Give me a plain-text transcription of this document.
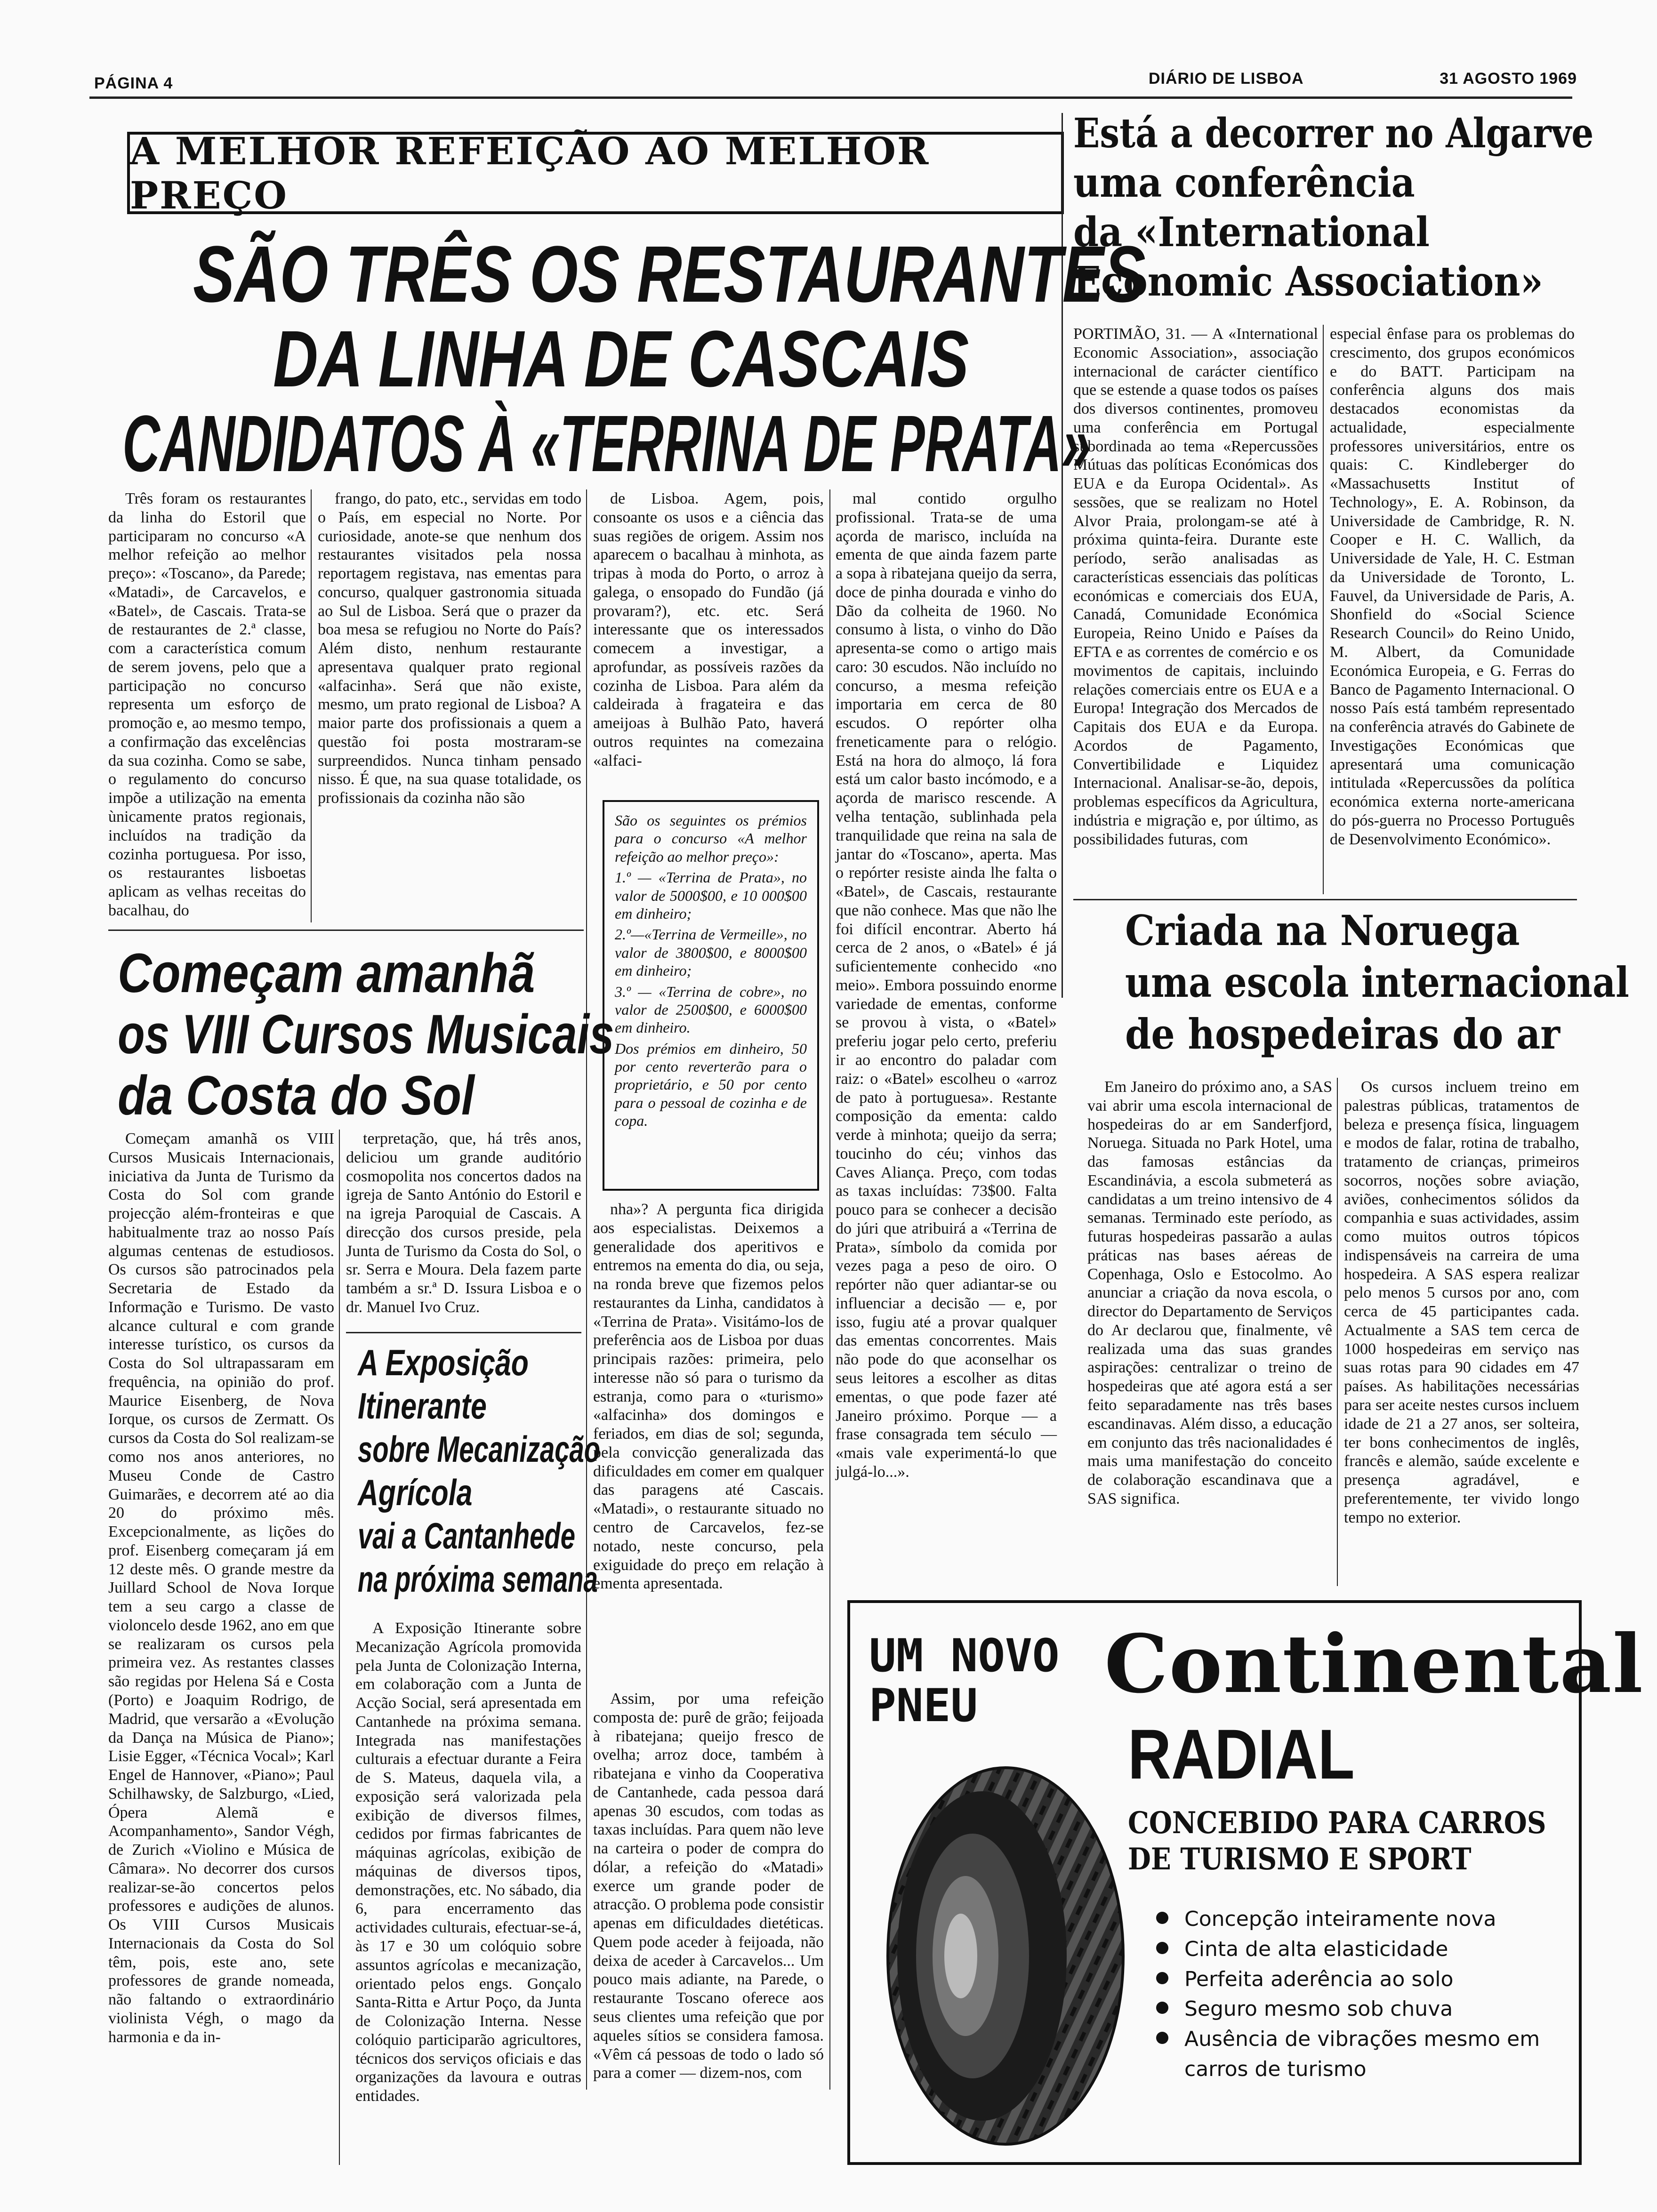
PÁGINA 4	DIÁRIO DE LISBOA	31 AGOSTO 1969
A MELHOR REFEIÇÃO AO MELHOR PREÇO
SÃO TRÊS OS RESTAURANTES
DA LINHA DE CASCAIS
CANDIDATOS À «TERRINA DE PRATA»

Três foram os restaurantes da linha do Estoril que participaram no concurso «A melhor refeição ao melhor preço»: «Toscano», da Parede; «Matadi», de Carcavelos, e «Batel», de Cascais. Trata-se de restaurantes de 2.ª classe, com a característica comum de serem jovens, pelo que a participação no concurso representa um esforço de promoção e, ao mesmo tempo, a confirmação das excelências da sua cozinha. Como se sabe, o regulamento do concurso impõe a utilização na ementa ùnicamente pratos regionais, incluídos na tradição da cozinha portuguesa. Por isso, os restaurantes lisboetas aplicam as velhas receitas do bacalhau, do

frango, do pato, etc., servidas em todo o País, em especial no Norte. Por curiosidade, anote-se que nenhum dos restaurantes visitados pela nossa reportagem registava, nas ementas para concurso, qualquer gastronomia situada ao Sul de Lisboa. Será que o prazer da boa mesa se refugiou no Norte do País? Além disto, nenhum restaurante apresentava qualquer prato regional «alfacinha». Será que não existe, mesmo, um prato regional de Lisboa? A maior parte dos profissionais a quem a questão foi posta mostraram-se surpreendidos. Nunca tinham pensado nisso. É que, na sua quase totalidade, os profissionais da cozinha não são

de Lisboa. Agem, pois, consoante os usos e a ciência das suas regiões de origem. Assim nos aparecem o bacalhau à minhota, as tripas à moda do Porto, o arroz à galega, o ensopado do Fundão (já provaram?), etc. etc. Será interessante que os interessados comecem a investigar, a aprofundar, as possíveis razões da cozinha de Lisboa. Para além da caldeirada à fragateira e das ameijoas à Bulhão Pato, haverá outros requintes na comezaina «alfaci-

mal contido orgulho profissional. Trata-se de uma açorda de marisco, incluída na ementa de que ainda fazem parte a sopa à ribatejana queijo da serra, doce de pinha dourada e vinho do Dão da colheita de 1960. No consumo à lista, o vinho do Dão apresenta-se como o artigo mais caro: 30 escudos. Não incluído no concurso, a mesma refeição importaria em cerca de 80 escudos. O repórter olha freneticamente para o relógio. Está na hora do almoço, lá fora está um calor basto incómodo, e a açorda de marisco rescende. A velha tentação, sublinhada pela tranquilidade que reina na sala de jantar do «Toscano», aperta. Mas o repórter resiste ainda lhe falta o «Batel», de Cascais, restaurante que não conhece. Mas que não lhe foi difícil encontrar. Aberto há cerca de 2 anos, o «Batel» é já suficientemente conhecido «no meio». Embora possuindo enorme variedade de ementas, conforme se provou à vista, o «Batel» preferiu jogar pelo certo, preferiu ir ao encontro do paladar com raiz: o «Batel» escolheu o «arroz de pato à portuguesa». Restante composição da ementa: caldo verde à minhota; queijo da serra; toucinho do céu; vinhos das Caves Aliança. Preço, com todas as taxas incluídas: 73$00. Falta pouco para se conhecer a decisão do júri que atribuirá a «Terrina de Prata», símbolo da comida por vezes paga a peso de oiro. O repórter não quer adiantar-se ou influenciar a decisão — e, por isso, fugiu até a provar qualquer das ementas concorrentes. Mais não pode do que aconselhar os seus leitores a escolher as ditas ementas, o que pode fazer até Janeiro próximo. Porque — a frase consagrada tem século — «mais vale experimentá-lo que julgá-lo...».

São os seguintes os prémios para o concurso «A melhor refeição ao melhor preço»:

1.º — «Terrina de Prata», no valor de 5000$00, e 10 000$00 em dinheiro;

2.º—«Terrina de Vermeille», no valor de 3800$00, e 8000$00 em dinheiro;

3.º — «Terrina de cobre», no valor de 2500$00, e 6000$00 em dinheiro.

Dos prémios em dinheiro, 50 por cento reverterão para o proprietário, e 50 por cento para o pessoal de cozinha e de copa.

nha»? A pergunta fica dirigida aos especialistas. Deixemos a generalidade dos aperitivos e entremos na ementa do dia, ou seja, na ronda breve que fizemos pelos restaurantes da Linha, candidatos à «Terrina de Prata». Visitámo-los de preferência aos de Lisboa por duas principais razões: primeira, pelo interesse não só para o turismo da estranja, como para o «turismo» «alfacinha» dos domingos e feriados, em dias de sol; segunda, pela convicção generalizada das dificuldades em comer em qualquer das paragens até Cascais. «Matadi», o restaurante situado no centro de Carcavelos, fez-se notado, neste concurso, pela exiguidade do preço em relação à ementa apresentada.

Assim, por uma refeição composta de: purê de grão; feijoada à ribatejana; queijo fresco de ovelha; arroz doce, também à ribatejana e vinho da Cooperativa de Cantanhede, cada pessoa dará apenas 30 escudos, com todas as taxas incluídas. Para quem não leve na carteira o poder de compra do dólar, a refeição do «Matadi» exerce um grande poder de atracção. O problema pode consistir apenas em dificuldades dietéticas. Quem pode aceder à feijoada, não deixa de aceder à Carcavelos... Um pouco mais adiante, na Parede, o restaurante Toscano oferece aos seus clientes uma refeição que por aqueles sítios se considera famosa. «Vêm cá pessoas de todo o lado só para a comer — dizem-nos, com

Começam amanhã
os VIII Cursos Musicais
da Costa do Sol

Começam amanhã os VIII Cursos Musicais Internacionais, iniciativa da Junta de Turismo da Costa do Sol com grande projecção além-fronteiras e que habitualmente traz ao nosso País algumas centenas de estudiosos. Os cursos são patrocinados pela Secretaria de Estado da Informação e Turismo. De vasto alcance cultural e com grande interesse turístico, os cursos da Costa do Sol ultrapassaram em frequência, na opinião do prof. Maurice Eisenberg, de Nova Iorque, os cursos de Zermatt. Os cursos da Costa do Sol realizam-se como nos anos anteriores, no Museu Conde de Castro Guimarães, e decorrem até ao dia 20 do próximo mês. Excepcionalmente, as lições do prof. Eisenberg começaram já em 12 deste mês. O grande mestre da Juillard School de Nova Iorque tem a seu cargo a classe de violoncelo desde 1962, ano em que se realizaram os cursos pela primeira vez. As restantes classes são regidas por Helena Sá e Costa (Porto) e Joaquim Rodrigo, de Madrid, que versarão a «Evolução da Dança na Música de Piano»; Lisie Egger, «Técnica Vocal»; Karl Engel de Hannover, «Piano»; Paul Schilhawsky, de Salzburgo, «Lied, Ópera Alemã e Acompanhamento», Sandor Végh, de Zurich «Violino e Música de Câmara». No decorrer dos cursos realizar-se-ão concertos pelos professores e audições de alunos. Os VIII Cursos Musicais Internacionais da Costa do Sol têm, pois, este ano, sete professores de grande nomeada, não faltando o extraordinário violinista Végh, o mago da harmonia e da in-

terpretação, que, há três anos, deliciou um grande auditório cosmopolita nos concertos dados na igreja de Santo António do Estoril e na igreja Paroquial de Cascais. A direcção dos cursos preside, pela Junta de Turismo da Costa do Sol, o sr. Serra e Moura. Dela fazem parte também a sr.ª D. Issura Lisboa e o dr. Manuel Ivo Cruz.

A Exposição
Itinerante
sobre Mecanização
Agrícola
vai a Cantanhede
na próxima semana

A Exposição Itinerante sobre Mecanização Agrícola promovida pela Junta de Colonização Interna, em colaboração com a Junta de Acção Social, será apresentada em Cantanhede na próxima semana. Integrada nas manifestações culturais a efectuar durante a Feira de S. Mateus, daquela vila, a exposição será valorizada pela exibição de diversos filmes, cedidos por firmas fabricantes de máquinas agrícolas, exibição de máquinas de diversos tipos, demonstrações, etc. No sábado, dia 6, para encerramento das actividades culturais, efectuar-se-á, às 17 e 30 um colóquio sobre assuntos agrícolas e mecanização, orientado pelos engs. Gonçalo Santa-Ritta e Artur Poço, da Junta de Colonização Interna. Nesse colóquio participarão agricultores, técnicos dos serviços oficiais e das organizações da lavoura e outras entidades.

Está a decorrer no Algarve
uma conferência
da «International
Economic Association»

PORTIMÃO, 31. — A «International Economic Association», associação internacional de carácter científico que se estende a quase todos os países dos diversos continentes, promoveu uma conferência em Portugal subordinada ao tema «Repercussões Mútuas das políticas Económicas dos EUA e da Europa Ocidental». As sessões, que se realizam no Hotel Alvor Praia, prolongam-se até à próxima quinta-feira. Durante este período, serão analisadas as características essenciais das políticas económicas e comerciais dos EUA, Canadá, Comunidade Económica Europeia, Reino Unido e Países da EFTA e as correntes de comércio e os movimentos de capitais, incluindo relações comerciais entre os EUA e a Europa! Integração dos Mercados de Capitais dos EUA e da Europa. Acordos de Pagamento, Convertibilidade e Liquidez Internacional. Analisar-se-ão, depois, problemas específicos da Agricultura, indústria e migração e, por último, as possibilidades futuras, com

especial ênfase para os problemas do crescimento, dos grupos económicos e do BATT. Participam na conferência alguns dos mais destacados economistas da actualidade, especialmente professores universitários, entre os quais: C. Kindleberger do «Massachusetts Institut of Technology», E. A. Robinson, da Universidade de Cambridge, R. N. Cooper e H. C. Wallich, da Universidade de Yale, H. C. Estman da Universidade de Toronto, L. Fauvel, da Universidade de Paris, A. Shonfield do «Social Science Research Council» do Reino Unido, M. Albert, da Comunidade Económica Europeia, e G. Ferras do Banco de Pagamento Internacional. O nosso País está também representado na conferência através do Gabinete de Investigações Económicas que apresentará uma comunicação intitulada «Repercussões da política económica externa norte-americana do pós-guerra no Processo Português de Desenvolvimento Económico».

Criada na Noruega
uma escola internacional
de hospedeiras do ar

Em Janeiro do próximo ano, a SAS vai abrir uma escola internacional de hospedeiras do ar em Sanderfjord, Noruega. Situada no Park Hotel, uma das famosas estâncias da Escandinávia, a escola submeterá as candidatas a um treino intensivo de 4 semanas. Terminado este período, as futuras hospedeiras passarão a aulas práticas nas bases aéreas de Copenhaga, Oslo e Estocolmo. Ao anunciar a criação da nova escola, o director do Departamento de Serviços do Ar declarou que, finalmente, vê realizada uma das suas grandes aspirações: centralizar o treino de hospedeiras que até agora está a ser feito separadamente nas três bases escandinavas. Além disso, a educação em conjunto das três nacionalidades é mais uma manifestação do conceito de colaboração escandinava que a SAS significa.

Os cursos incluem treino em palestras públicas, tratamentos de beleza e presença física, linguagem e modos de falar, rotina de trabalho, tratamento de crianças, primeiros socorros, noções sobre aviação, aviões, conhecimentos sólidos da companhia e suas actividades, assim como muitos outros tópicos indispensáveis na carreira de uma hospedeira. A SAS espera realizar pelo menos 5 cursos por ano, com cerca de 45 participantes cada. Actualmente a SAS tem cerca de 1000 hospedeiras em serviço nas suas rotas para 90 cidades em 47 países. As habilitações necessárias para ser aceite nestes cursos incluem idade de 21 a 27 anos, ser solteira, ter bons conhecimentos de inglês, francês e alemão, saúde excelente e presença agradável, e preferentemente, ter vivido longo tempo no exterior.

UM NOVO
PNEU	Continental
RADIAL
CONCEBIDO PARA CARROS
DE TURISMO E SPORT
Concepção inteiramente nova
Cinta de alta elasticidade
Perfeita aderência ao solo
Seguro mesmo sob chuva
Ausência de vibrações mesmo em carros de turismo
